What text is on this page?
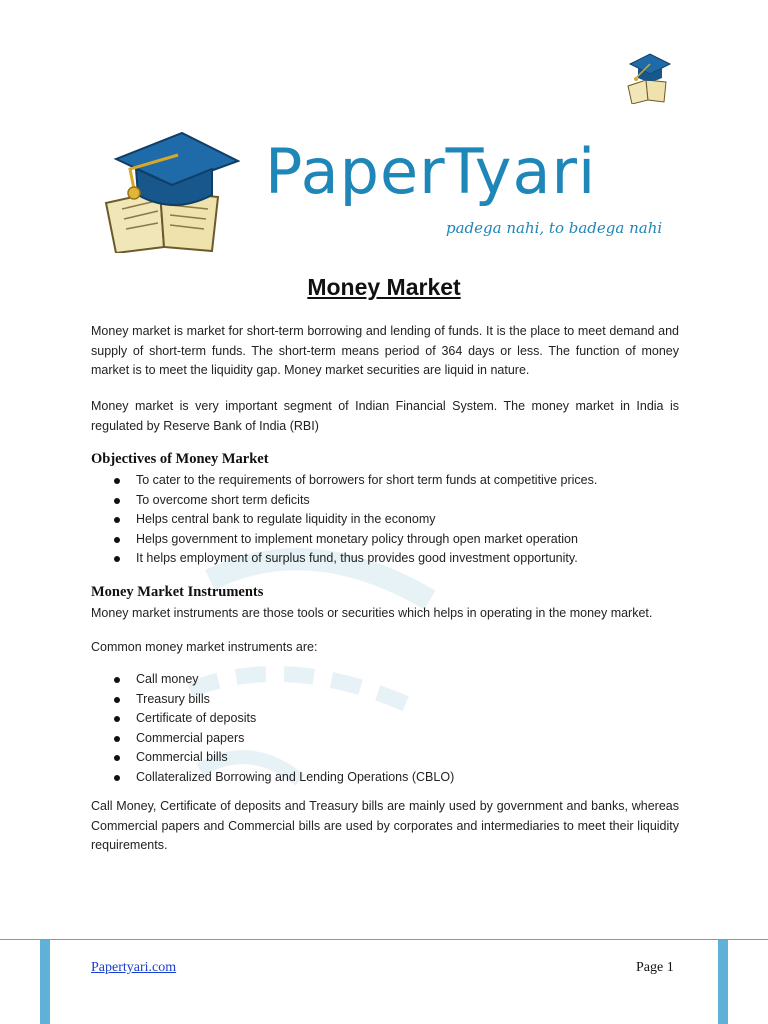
PaperTyari
padega nahi, to badega nahi
Money Market

Money market is market for short-term borrowing and lending of funds. It is the place to meet demand and supply of short-term funds. The short-term means period of 364 days or less. The function of money market is to meet the liquidity gap. Money market securities are liquid in nature.

Money market is very important segment of Indian Financial System. The money market in India is regulated by Reserve Bank of India (RBI)

Objectives of Money Market
To cater to the requirements of borrowers for short term funds at competitive prices.
To overcome short term deficits
Helps central bank to regulate liquidity in the economy
Helps government to implement monetary policy through open market operation
It helps employment of surplus fund, thus provides good investment opportunity.
Money Market Instruments

Money market instruments are those tools or securities which helps in operating in the money market.

Common money market instruments are:

Call money
Treasury bills
Certificate of deposits
Commercial papers
Commercial bills
Collateralized Borrowing and Lending Operations (CBLO)

Call Money, Certificate of deposits and Treasury bills are mainly used by government and banks, whereas Commercial papers and Commercial bills are used by corporates and intermediaries to meet their liquidity requirements.

Papertyari.com	Page 1
